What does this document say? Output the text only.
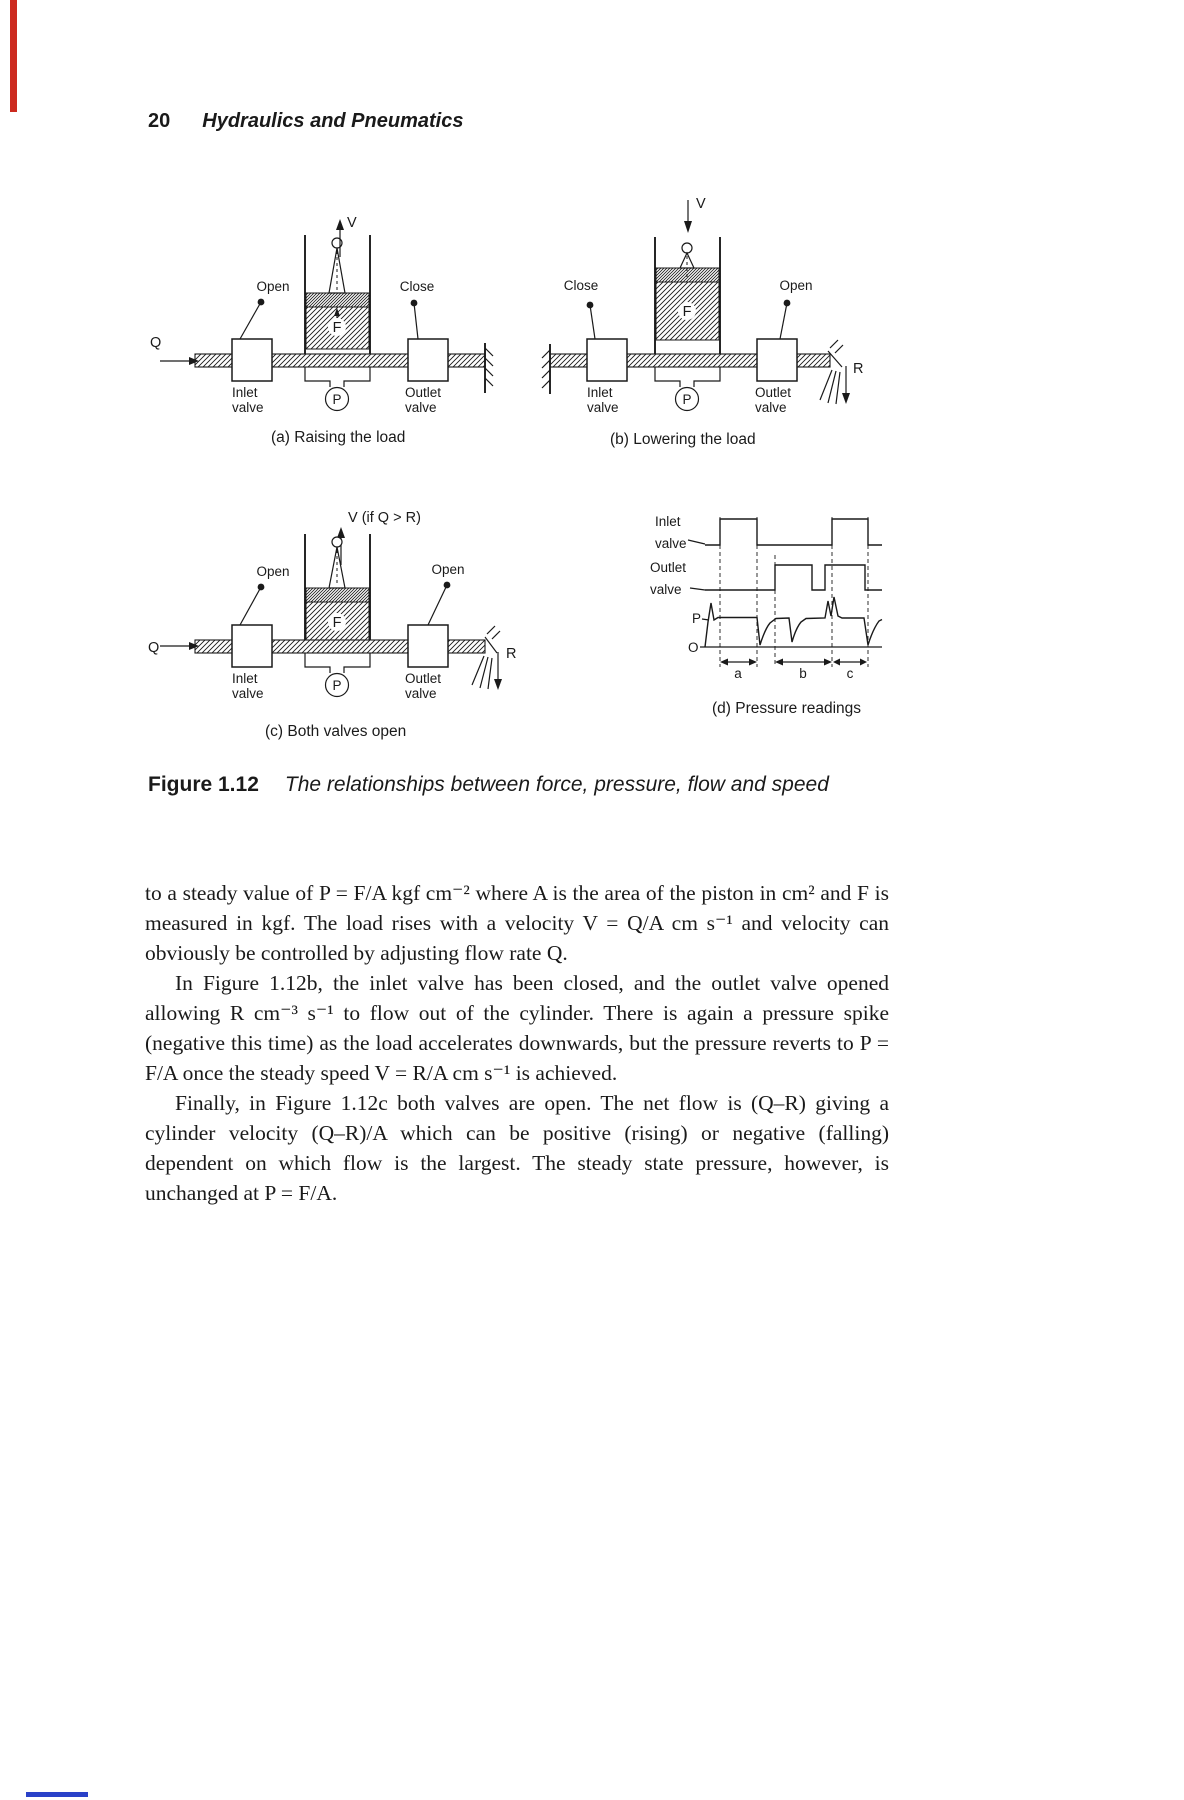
20 Hydraulics and Pneumatics
Q
F
V
Open	Close
P
Inlet
valve
Outlet
valve
(a) Raising the load
V
F
Close	Open
P
R
Inlet
valve
Outlet
valve
(b) Lowering the load
V (if Q > R)
Q
F
Open	Open
P
R
Inlet
valve
Outlet
valve
(c) Both valves open
Inlet
valve
Outlet
valve
P
O
a	b	c
(d) Pressure readings
Figure 1.12 The relationships between force, pressure, flow and speed

to a steady value of P = F/A kgf cm⁻² where A is the area of the piston in cm² and F is measured in kgf. The load rises with a velocity V = Q/A cm s⁻¹ and velocity can obviously be controlled by adjusting flow rate Q.

In Figure 1.12b, the inlet valve has been closed, and the outlet valve opened allowing R cm⁻³ s⁻¹ to flow out of the cylinder. There is again a pressure spike (negative this time) as the load accelerates downwards, but the pressure reverts to P = F/A once the steady speed V = R/A cm s⁻¹ is achieved.

Finally, in Figure 1.12c both valves are open. The net flow is (Q–R) giving a cylinder velocity (Q–R)/A which can be positive (rising) or negative (falling) dependent on which flow is the largest. The steady state pressure, however, is unchanged at P = F/A.
